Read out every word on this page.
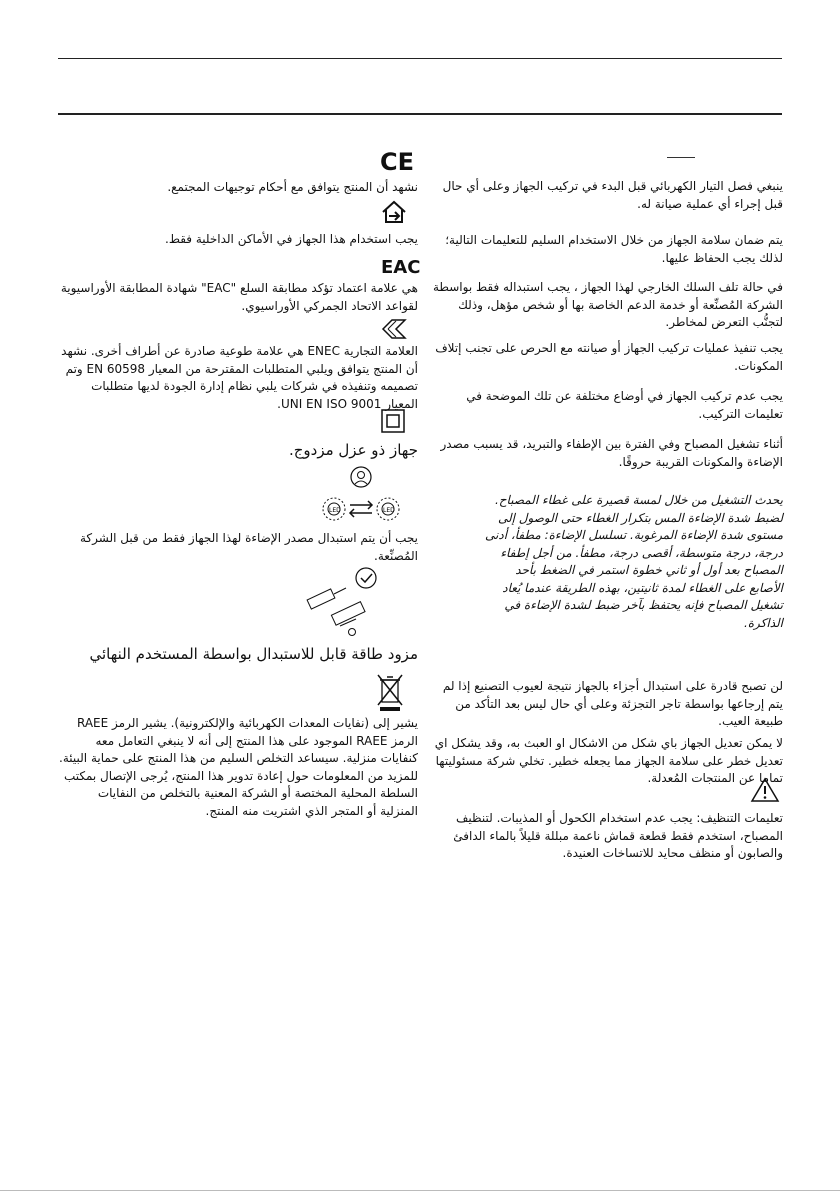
ينبغي فصل التيار الكهربائي قبل البدء في تركيب الجهاز وعلى أي حال قبل إجراء أي عملية صيانة له.

يتم ضمان سلامة الجهاز من خلال الاستخدام السليم للتعليمات التالية؛ لذلك يجب الحفاظ عليها.

في حالة تلف السلك الخارجي لهذا الجهاز ، يجب استبداله فقط بواسطة الشركة المُصنِّعة أو خدمة الدعم الخاصة بها أو شخص مؤهل، وذلك لتجنُّب التعرض لمخاطر.

يجب تنفيذ عمليات تركيب الجهاز أو صيانته مع الحرص على تجنب إتلاف المكونات.

يجب عدم تركيب الجهاز في أوضاع مختلفة عن تلك الموضحة في تعليمات التركيب.

أثناء تشغيل المصباح وفي الفترة بين الإطفاء والتبريد، قد يسبب مصدر الإضاءة والمكونات القريبة حروقًا.

يحدث التشغيل من خلال لمسة قصيرة على غطاء المصباح. لضبط شدة الإضاءة المس بتكرار الغطاء حتى الوصول إلى مستوى شدة الإضاءة المرغوبة. تسلسل الإضاءة: مطفأ، أدنى درجة، درجة متوسطة، أقصى درجة، مطفأ. من أجل إطفاء المصباح بعد أول أو ثاني خطوة استمر في الضغط بأحد الأصابع على الغطاء لمدة ثانيتين، بهذه الطريقة عندما يُعاد تشغيل المصباح فإنه يحتفظ بآخر ضبط لشدة الإضاءة في الذاكرة.

لن تصبح قادرة على استبدال أجزاء بالجهاز نتيجة لعيوب التصنيع إذا لم يتم إرجاعها بواسطة تاجر التجزئة وعلى أي حال ليس بعد التأكد من طبيعة العيب.

لا يمكن تعديل الجهاز باي شكل من الاشكال او العبث به، وقد يشكل اي تعديل خطر على سلامة الجهاز مما يجعله خطير. تخلي شركة مسئوليتها تماما عن المنتجات المُعدلة.

تعليمات التنظيف: يجب عدم استخدام الكحول أو المذيبات. لتنظيف المصباح، استخدم فقط قطعة قماش ناعمة مبللة قليلاً بالماء الدافئ والصابون أو منظف محايد للاتساخات العنيدة.

CE

نشهد أن المنتج يتوافق مع أحكام توجيهات المجتمع.

يجب استخدام هذا الجهاز في الأماكن الداخلية فقط.

EAC

هي علامة اعتماد تؤكد مطابقة السلع "EAC" شهادة المطابقة الأوراسيوية لقواعد الاتحاد الجمركي الأوراسيوي.

العلامة التجارية ENEC هي علامة طوعية صادرة عن أطراف أخرى. نشهد أن المنتج يتوافق ويلبي المتطلبات المقترحة من المعيار EN 60598 وتم تصميمه وتنفيذه في شركات يلبي نظام إدارة الجودة لديها متطلبات المعيار UNI EN ISO 9001.

جهاز ذو عزل مزدوج.

LED	LED

يجب أن يتم استبدال مصدر الإضاءة لهذا الجهاز فقط من قبل الشركة المُصنِّعة.

مزود طاقة قابل للاستبدال بواسطة المستخدم النهائي

يشير إلى (نفايات المعدات الكهربائية والإلكترونية). يشير الرمز RAEE الرمز RAEE الموجود على هذا المنتج إلى أنه لا ينبغي التعامل معه كنفايات منزلية. سيساعد التخلص السليم من هذا المنتج على حماية البيئة. للمزيد من المعلومات حول إعادة تدوير هذا المنتج، يُرجى الإتصال بمكتب السلطة المحلية المختصة أو الشركة المعنية بالتخلص من النفايات المنزلية أو المتجر الذي اشتريت منه المنتج.
